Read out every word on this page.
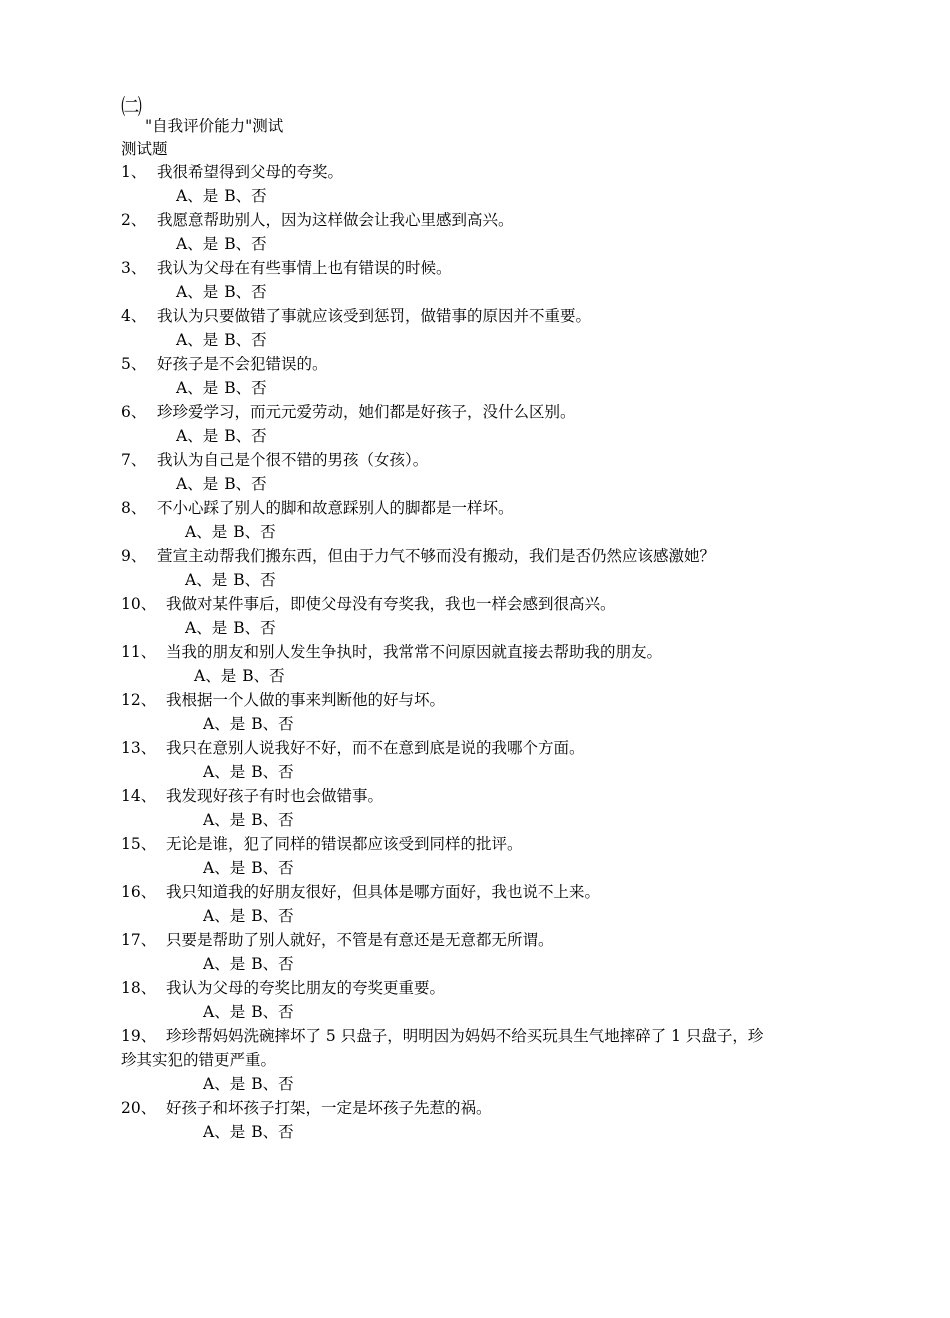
㈡"自我评价能力"测试
测试题
1、 我很希望得到父母的夸奖。
A、是 B、否
2、 我愿意帮助别人，因为这样做会让我心里感到高兴。
A、是 B、否
3、 我认为父母在有些事情上也有错误的时候。
A、是 B、否
4、 我认为只要做错了事就应该受到惩罚，做错事的原因并不重要。
A、是 B、否
5、 好孩子是不会犯错误的。
A、是 B、否
6、 珍珍爱学习，而元元爱劳动，她们都是好孩子，没什么区别。
A、是 B、否
7、 我认为自己是个很不错的男孩（女孩）。
A、是 B、否
8、 不小心踩了别人的脚和故意踩别人的脚都是一样坏。
A、是 B、否
9、 萱宣主动帮我们搬东西，但由于力气不够而没有搬动，我们是否仍然应该感激她？
A、是 B、否
10、 我做对某件事后，即使父母没有夸奖我，我也一样会感到很高兴。
A、是 B、否
11、 当我的朋友和别人发生争执时，我常常不问原因就直接去帮助我的朋友。
A、是 B、否
12、 我根据一个人做的事来判断他的好与坏。
A、是 B、否
13、 我只在意别人说我好不好，而不在意到底是说的我哪个方面。
A、是 B、否
14、 我发现好孩子有时也会做错事。
A、是 B、否
15、 无论是谁，犯了同样的错误都应该受到同样的批评。
A、是 B、否
16、 我只知道我的好朋友很好，但具体是哪方面好，我也说不上来。
A、是 B、否
17、 只要是帮助了别人就好，不管是有意还是无意都无所谓。
A、是 B、否
18、 我认为父母的夸奖比朋友的夸奖更重要。
A、是 B、否
19、 珍珍帮妈妈洗碗摔坏了 5 只盘子，明明因为妈妈不给买玩具生气地摔碎了 1 只盘子，珍
珍其实犯的错更严重。
A、是 B、否
20、 好孩子和坏孩子打架，一定是坏孩子先惹的祸。
A、是 B、否
